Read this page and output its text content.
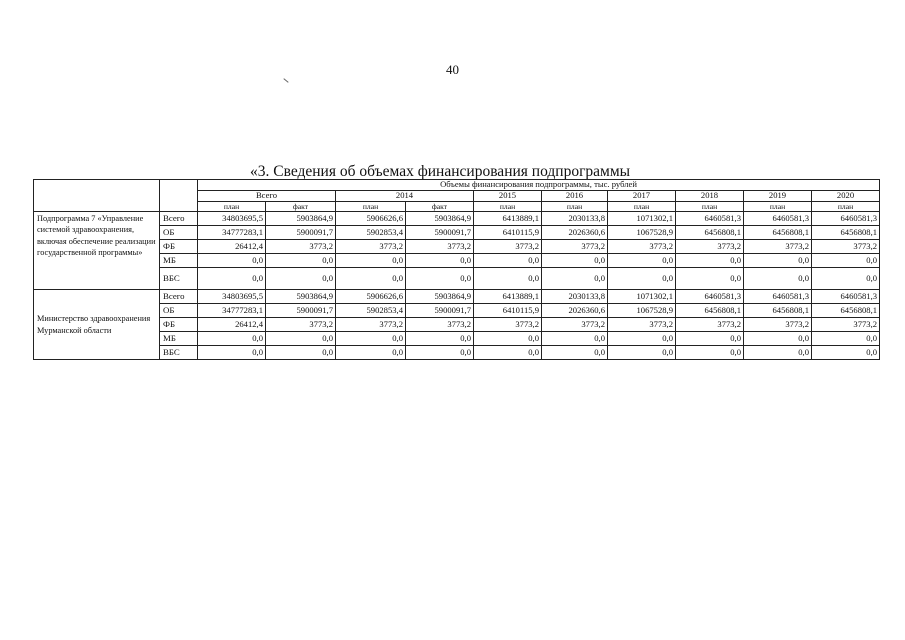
40
«3. Сведения об объемах финансирования подпрограммы
		Объемы финансирования подпрограммы, тыс. рублей									
		Всего		2014		2015	2016	2017	2018	2019	2020
		план	факт	план	факт	план	план	план	план	план	план
Подпрограмма 7 «Управление системой здравоохранения, включая обеспечение реализации государственной программы»	Всего	34803695,5	5903864,9	5906626,6	5903864,9	6413889,1	2030133,8	1071302,1	6460581,3	6460581,3	6460581,3
	ОБ	34777283,1	5900091,7	5902853,4	5900091,7	6410115,9	2026360,6	1067528,9	6456808,1	6456808,1	6456808,1
	ФБ	26412,4	3773,2	3773,2	3773,2	3773,2	3773,2	3773,2	3773,2	3773,2	3773,2
	МБ	0,0	0,0	0,0	0,0	0,0	0,0	0,0	0,0	0,0	0,0
	ВБС	0,0	0,0	0,0	0,0	0,0	0,0	0,0	0,0	0,0	0,0
Министерство здравоохранения Мурманской области	Всего	34803695,5	5903864,9	5906626,6	5903864,9	6413889,1	2030133,8	1071302,1	6460581,3	6460581,3	6460581,3
	ОБ	34777283,1	5900091,7	5902853,4	5900091,7	6410115,9	2026360,6	1067528,9	6456808,1	6456808,1	6456808,1
	ФБ	26412,4	3773,2	3773,2	3773,2	3773,2	3773,2	3773,2	3773,2	3773,2	3773,2
	МБ	0,0	0,0	0,0	0,0	0,0	0,0	0,0	0,0	0,0	0,0
	ВБС	0,0	0,0	0,0	0,0	0,0	0,0	0,0	0,0	0,0	0,0
